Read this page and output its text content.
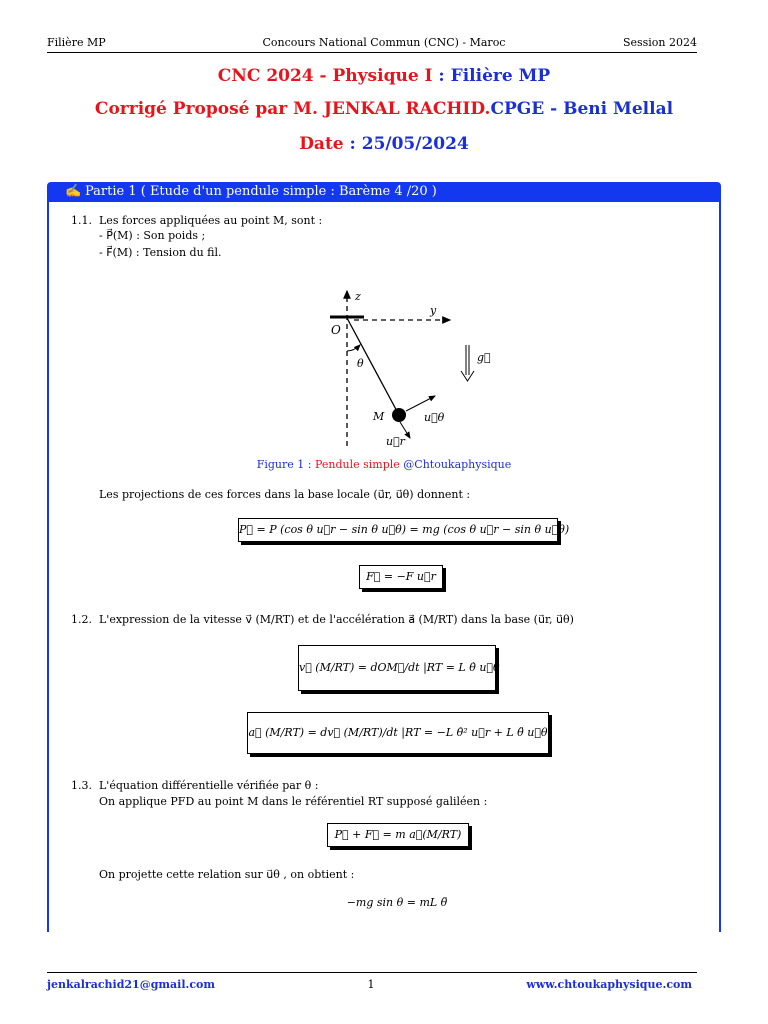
Filière MP	Concours National Commun (CNC) - Maroc	Session 2024
CNC 2024 - Physique I : Filière MP
Corrigé Proposé par M. JENKAL RACHID.CPGE - Beni Mellal
Date : 25/05/2024
✍ Partie 1 ( Etude d'un pendule simple : Barème 4 /20 )
1.1. Les forces appliquées au point M, sont :
- P⃗(M) : Son poids ;
- F⃗(M) : Tension du fil.
z
y
O
θ	g⃗
M	u⃗θ
u⃗r
Figure 1 : Pendule simple @Chtoukaphysique
Les projections de ces forces dans la base locale (u⃗r, u⃗θ) donnent :
P⃗ = P (cos θ u⃗r − sin θ u⃗θ) = mg (cos θ u⃗r − sin θ u⃗θ)
F⃗ = −F u⃗r
1.2. L'expression de la vitesse v⃗ (M/RT) et de l'accélération a⃗ (M/RT) dans la base (u⃗r, u⃗θ)
v⃗ (M/RT) = dOM⃗/dt |RT = L θ̇ u⃗θ
a⃗ (M/RT) = dv⃗ (M/RT)/dt |RT = −L θ̇² u⃗r + L θ̈ u⃗θ
1.3. L'équation différentielle vérifiée par θ :
On applique PFD au point M dans le référentiel RT supposé galiléen :
P⃗ + F⃗ = m a⃗(M/RT)
On projette cette relation sur u⃗θ , on obtient :
−mg sin θ = mL θ̈
jenkalrachid21@gmail.com	1	www.chtoukaphysique.com
